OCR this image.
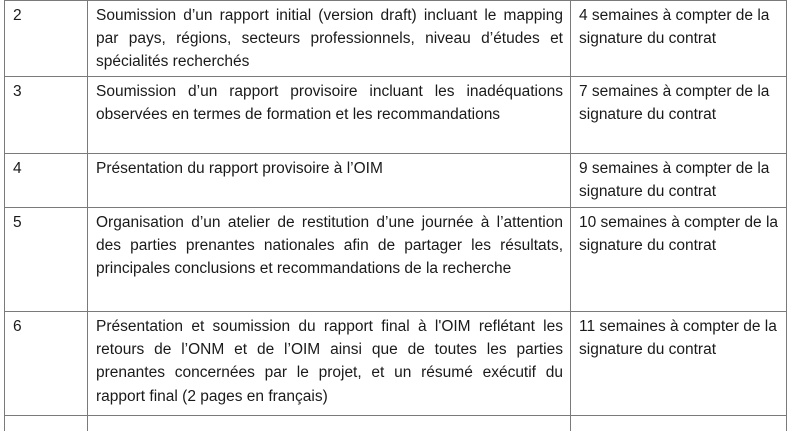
2	Soumission d’un rapport initial (version draft) incluant le mapping par pays, régions, secteurs professionnels, niveau d’études et spécialités recherchés	4 semaines à compter de la signature du contrat
3	Soumission d’un rapport provisoire incluant les inadéquations observées en termes de formation et les recommandations	7 semaines à compter de la signature du contrat
4	Présentation du rapport provisoire à l’OIM	9 semaines à compter de la signature du contrat
5	Organisation d’un atelier de restitution d’une journée à l’attention des parties prenantes nationales afin de partager les résultats, principales conclusions et recommandations de la recherche	10 semaines à compter de la signature du contrat
6	Présentation et soumission du rapport final à l'OIM reflétant les retours de l’ONM et de l’OIM ainsi que de toutes les parties prenantes concernées par le projet, et un résumé exécutif du rapport final (2 pages en français)	11 semaines à compter de la signature du contrat
